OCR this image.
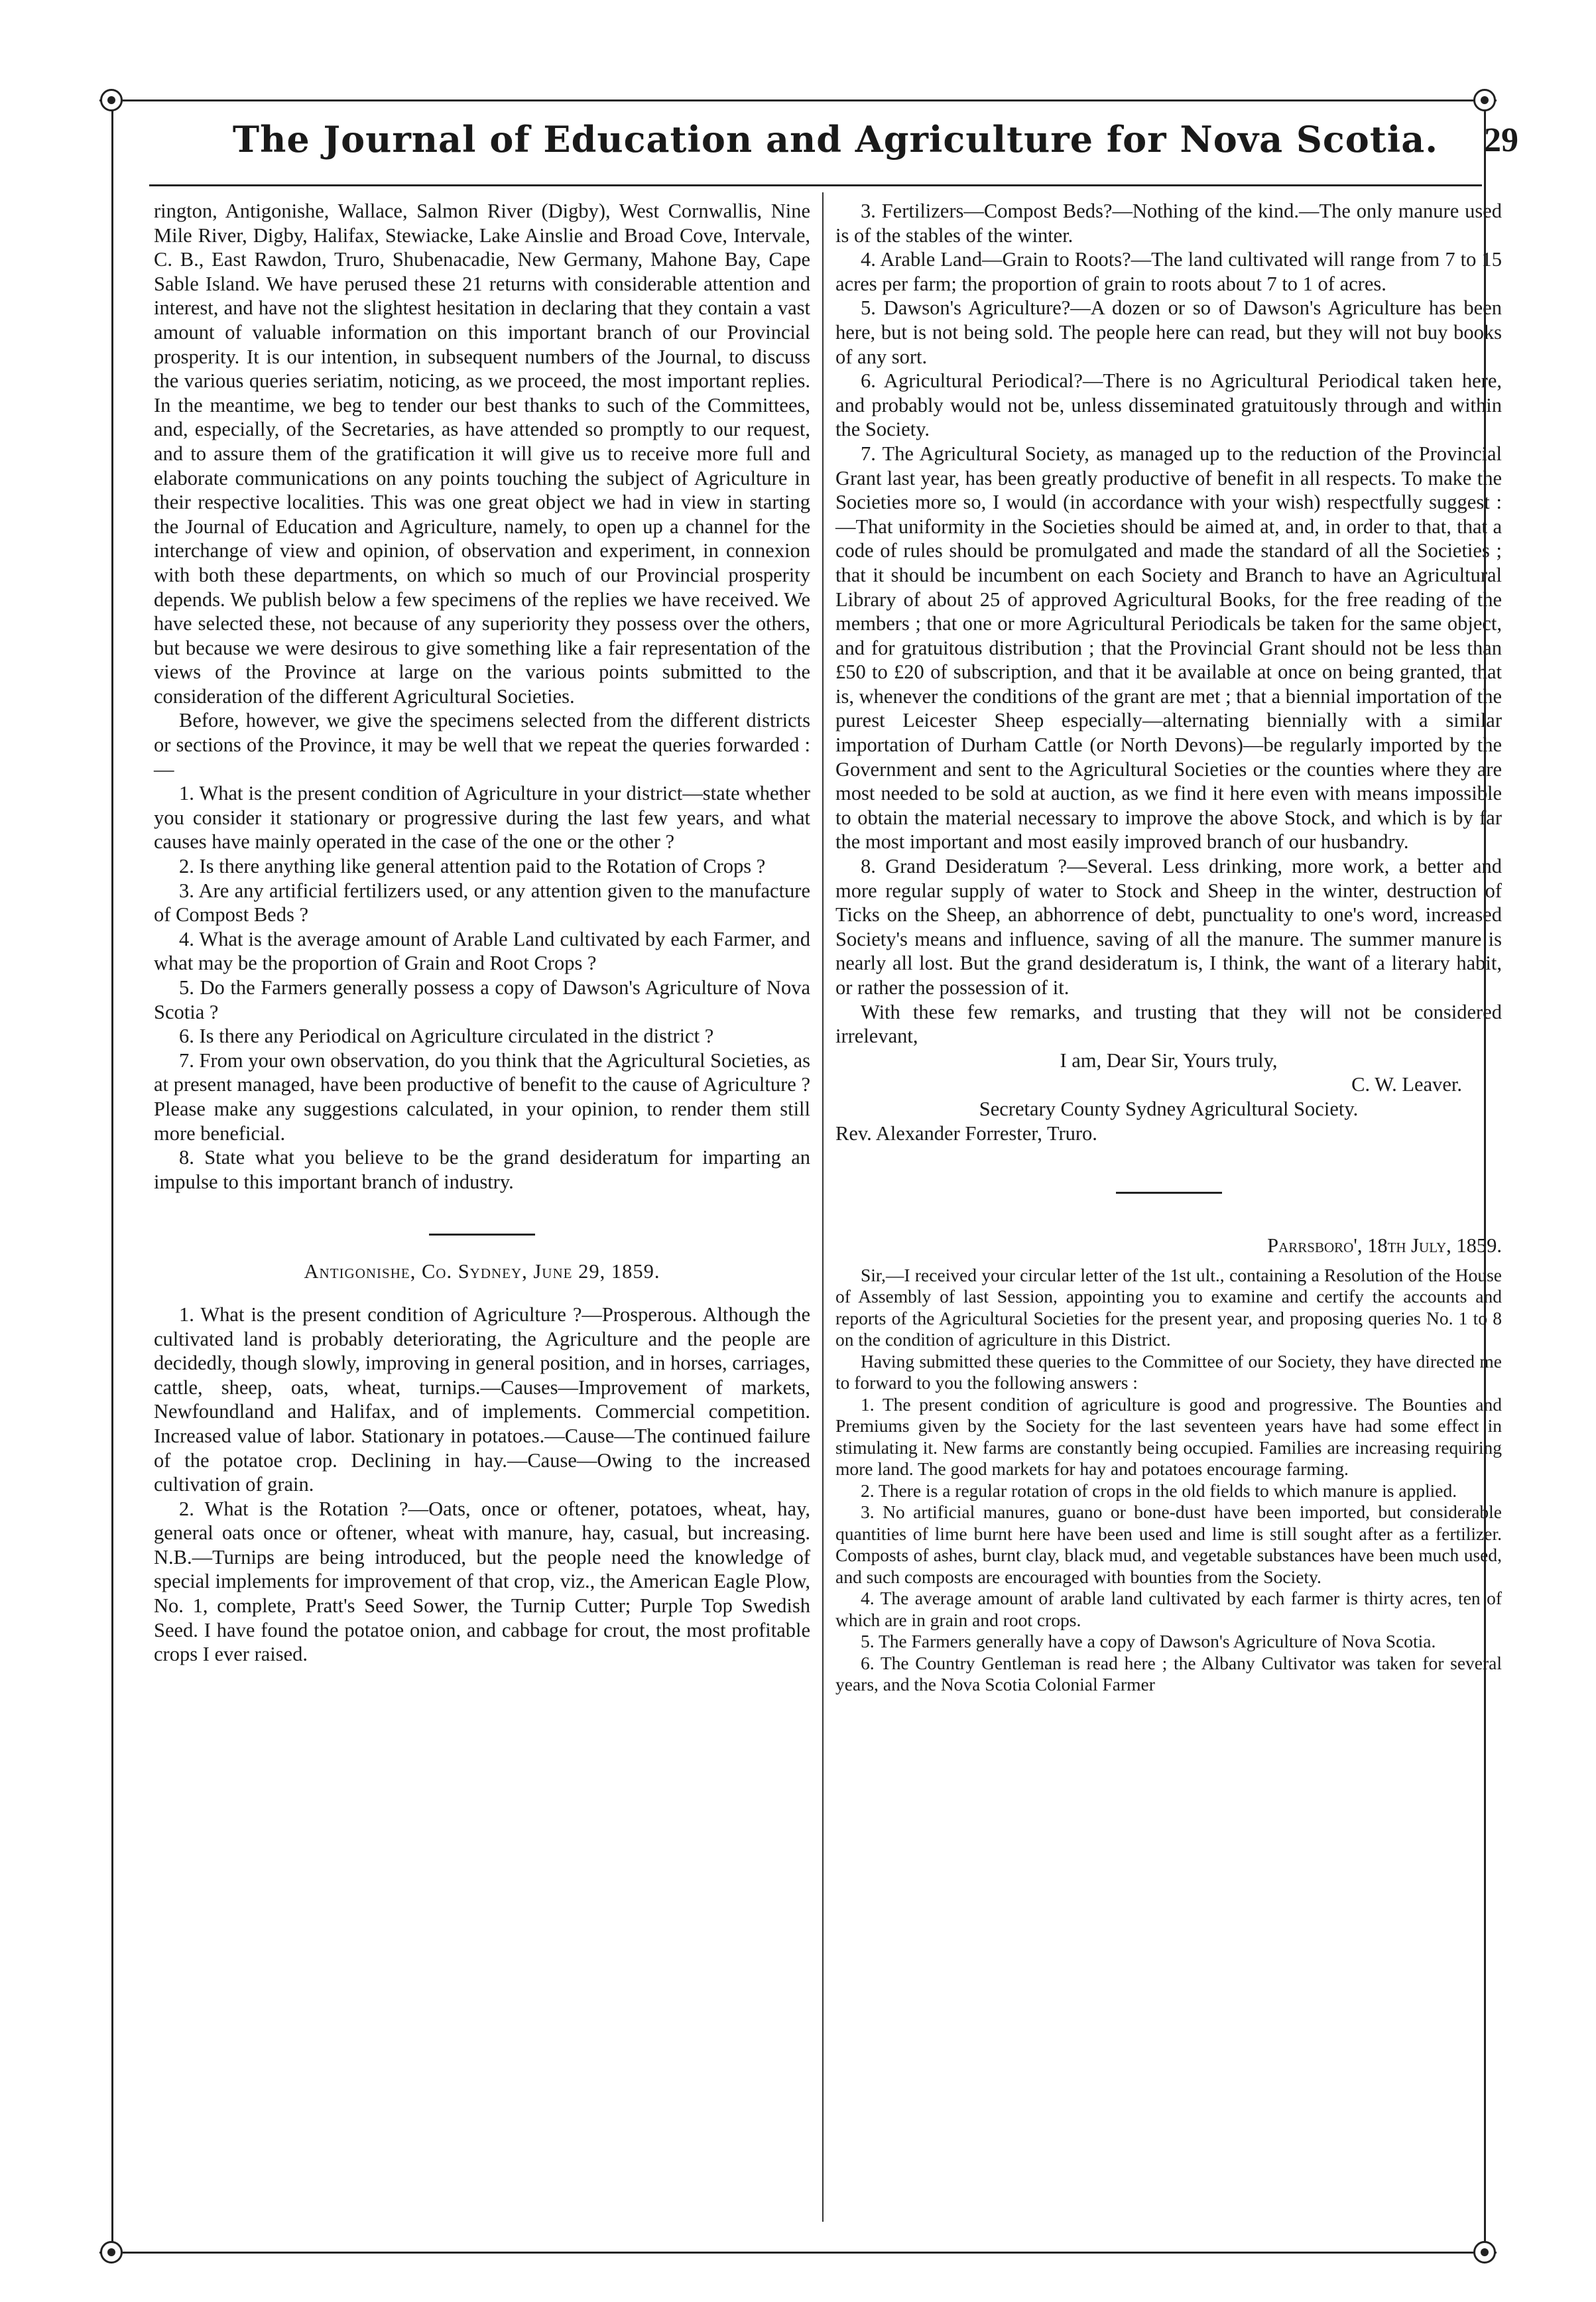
The Journal of Education and Agriculture for Nova Scotia.	29

rington, Antigonishe, Wallace, Salmon River (Digby), West Cornwallis, Nine Mile River, Digby, Halifax, Stewiacke, Lake Ainslie and Broad Cove, Intervale, C. B., East Rawdon, Truro, Shubenacadie, New Germany, Mahone Bay, Cape Sable Island. We have perused these 21 returns with considerable attention and interest, and have not the slightest hesitation in declaring that they contain a vast amount of valuable information on this important branch of our Provincial prosperity. It is our intention, in subsequent numbers of the Journal, to discuss the various queries seriatim, noticing, as we proceed, the most important replies. In the meantime, we beg to tender our best thanks to such of the Committees, and, especially, of the Secretaries, as have attended so promptly to our request, and to assure them of the gratification it will give us to receive more full and elaborate communications on any points touching the subject of Agriculture in their respective localities. This was one great object we had in view in starting the Journal of Education and Agriculture, namely, to open up a channel for the interchange of view and opinion, of observation and experiment, in connexion with both these departments, on which so much of our Provincial prosperity depends. We publish below a few specimens of the replies we have received. We have selected these, not because of any superiority they possess over the others, but because we were desirous to give something like a fair representation of the views of the Province at large on the various points submitted to the consideration of the different Agricultural Societies.

Before, however, we give the specimens selected from the different districts or sections of the Province, it may be well that we repeat the queries forwarded :—

1. What is the present condition of Agriculture in your district—state whether you consider it stationary or progressive during the last few years, and what causes have mainly operated in the case of the one or the other ?

2. Is there anything like general attention paid to the Rotation of Crops ?

3. Are any artificial fertilizers used, or any attention given to the manufacture of Compost Beds ?

4. What is the average amount of Arable Land cultivated by each Farmer, and what may be the proportion of Grain and Root Crops ?

5. Do the Farmers generally possess a copy of Dawson's Agriculture of Nova Scotia ?

6. Is there any Periodical on Agriculture circulated in the district ?

7. From your own observation, do you think that the Agricultural Societies, as at present managed, have been productive of benefit to the cause of Agriculture ? Please make any suggestions calculated, in your opinion, to render them still more beneficial.

8. State what you believe to be the grand desideratum for imparting an impulse to this important branch of industry.

Antigonishe, Co. Sydney, June 29, 1859.

1. What is the present condition of Agriculture ?—Prosperous. Although the cultivated land is probably deteriorating, the Agriculture and the people are decidedly, though slowly, improving in general position, and in horses, carriages, cattle, sheep, oats, wheat, turnips.—Causes—Improvement of markets, Newfoundland and Halifax, and of implements. Commercial competition. Increased value of labor. Stationary in potatoes.—Cause—The continued failure of the potatoe crop. Declining in hay.—Cause—Owing to the increased cultivation of grain.

2. What is the Rotation ?—Oats, once or oftener, potatoes, wheat, hay, general oats once or oftener, wheat with manure, hay, casual, but increasing. N.B.—Turnips are being introduced, but the people need the knowledge of special implements for improvement of that crop, viz., the American Eagle Plow, No. 1, complete, Pratt's Seed Sower, the Turnip Cutter; Purple Top Swedish Seed. I have found the potatoe onion, and cabbage for crout, the most profitable crops I ever raised.

3. Fertilizers—Compost Beds?—Nothing of the kind.—The only manure used is of the stables of the winter.

4. Arable Land—Grain to Roots?—The land cultivated will range from 7 to 15 acres per farm; the proportion of grain to roots about 7 to 1 of acres.

5. Dawson's Agriculture?—A dozen or so of Dawson's Agriculture has been here, but is not being sold. The people here can read, but they will not buy books of any sort.

6. Agricultural Periodical?—There is no Agricultural Periodical taken here, and probably would not be, unless disseminated gratuitously through and within the Society.

7. The Agricultural Society, as managed up to the reduction of the Provincial Grant last year, has been greatly productive of benefit in all respects. To make the Societies more so, I would (in accordance with your wish) respectfully suggest :—That uniformity in the Societies should be aimed at, and, in order to that, that a code of rules should be promulgated and made the standard of all the Societies ; that it should be incumbent on each Society and Branch to have an Agricultural Library of about 25 of approved Agricultural Books, for the free reading of the members ; that one or more Agricultural Periodicals be taken for the same object, and for gratuitous distribution ; that the Provincial Grant should not be less than £50 to £20 of subscription, and that it be available at once on being granted, that is, whenever the conditions of the grant are met ; that a biennial importation of the purest Leicester Sheep especially—alternating biennially with a similar importation of Durham Cattle (or North Devons)—be regularly imported by the Government and sent to the Agricultural Societies or the counties where they are most needed to be sold at auction, as we find it here even with means impossible to obtain the material necessary to improve the above Stock, and which is by far the most important and most easily improved branch of our husbandry.

8. Grand Desideratum ?—Several. Less drinking, more work, a better and more regular supply of water to Stock and Sheep in the winter, destruction of Ticks on the Sheep, an abhorrence of debt, punctuality to one's word, increased Society's means and influence, saving of all the manure. The summer manure is nearly all lost. But the grand desideratum is, I think, the want of a literary habit, or rather the possession of it.

With these few remarks, and trusting that they will not be considered irrelevant,

I am, Dear Sir, Yours truly,

C. W. Leaver.

Secretary County Sydney Agricultural Society.

Rev. Alexander Forrester, Truro.

Parrsboro', 18th July, 1859.

Sir,—I received your circular letter of the 1st ult., containing a Resolution of the House of Assembly of last Session, appointing you to examine and certify the accounts and reports of the Agricultural Societies for the present year, and proposing queries No. 1 to 8 on the condition of agriculture in this District.

Having submitted these queries to the Committee of our Society, they have directed me to forward to you the following answers :

1. The present condition of agriculture is good and progressive. The Bounties and Premiums given by the Society for the last seventeen years have had some effect in stimulating it. New farms are constantly being occupied. Families are increasing requiring more land. The good markets for hay and potatoes encourage farming.

2. There is a regular rotation of crops in the old fields to which manure is applied.

3. No artificial manures, guano or bone-dust have been imported, but considerable quantities of lime burnt here have been used and lime is still sought after as a fertilizer. Composts of ashes, burnt clay, black mud, and vegetable substances have been much used, and such composts are encouraged with bounties from the Society.

4. The average amount of arable land cultivated by each farmer is thirty acres, ten of which are in grain and root crops.

5. The Farmers generally have a copy of Dawson's Agriculture of Nova Scotia.

6. The Country Gentleman is read here ; the Albany Cultivator was taken for several years, and the Nova Scotia Colonial Farmer
